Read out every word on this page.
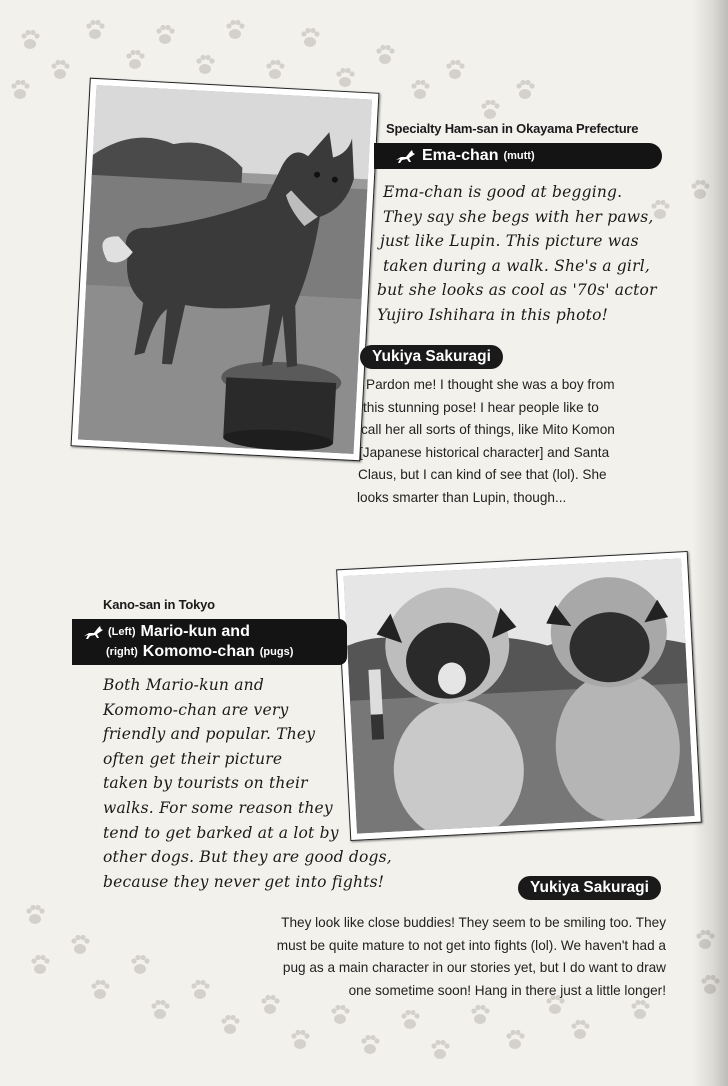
Specialty Ham-san in Okayama Prefecture
Ema-chan (mutt)
Ema-chan is good at begging.
They say she begs with her paws,
just like Lupin. This picture was
taken during a walk. She's a girl,
but she looks as cool as '70s' actor
Yujiro Ishihara in this photo!
Yukiya Sakuragi
Pardon me! I thought she was a boy from
this stunning pose! I hear people like to
call her all sorts of things, like Mito Komon
[Japanese historical character] and Santa
Claus, but I can kind of see that (lol). She
looks smarter than Lupin, though...
Kano-san in Tokyo
(Left) Mario-kun and
(right) Komomo-chan (pugs)
Both Mario-kun and
Komomo-chan are very
friendly and popular. They
often get their picture
taken by tourists on their
walks. For some reason they
tend to get barked at a lot by
other dogs. But they are good dogs,
because they never get into fights!	Yukiya Sakuragi
They look like close buddies! They seem to be smiling too. They
must be quite mature to not get into fights (lol). We haven't had a
pug as a main character in our stories yet, but I do want to draw
one sometime soon! Hang in there just a little longer!
